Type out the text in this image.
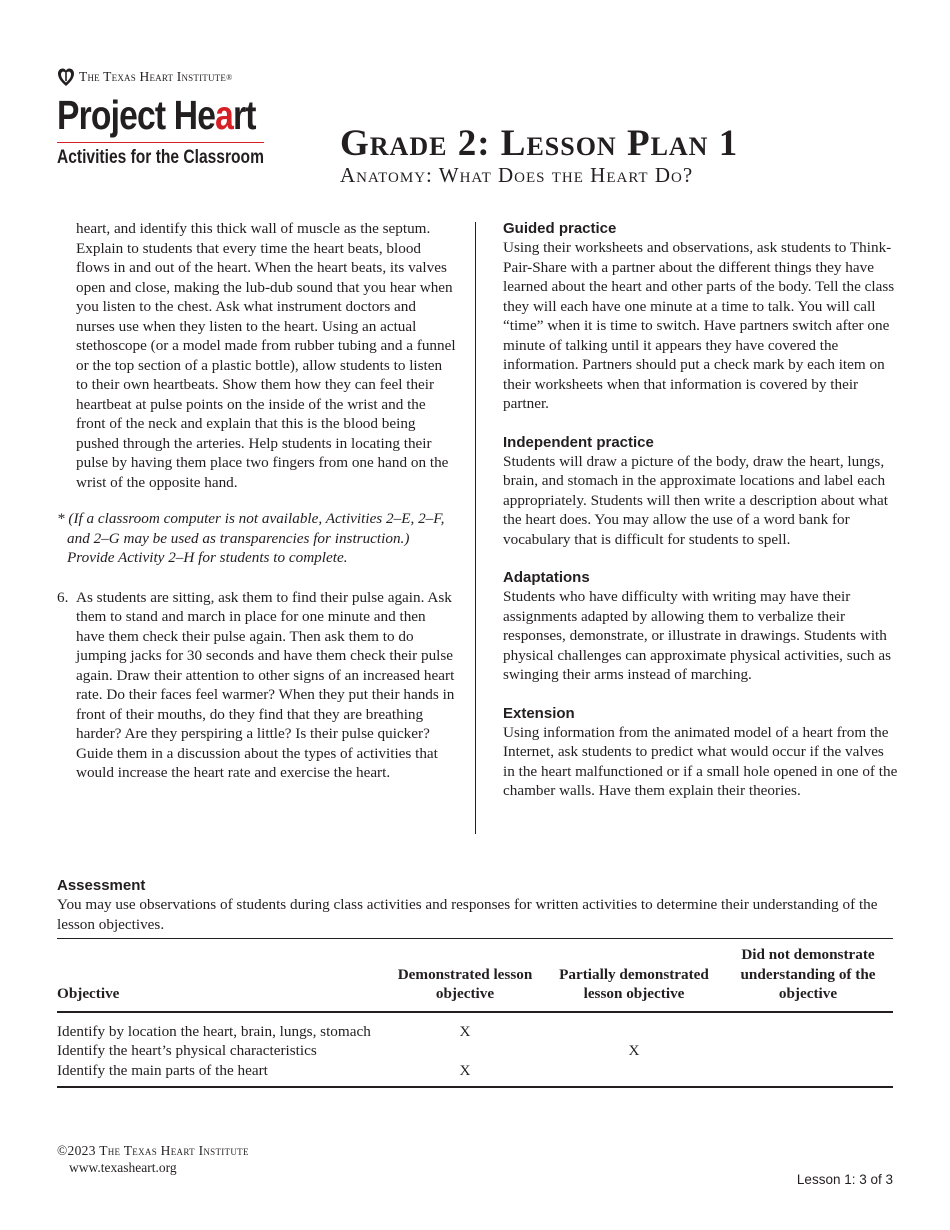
The Texas Heart Institute ®
Project Heart
Activities for the Classroom Grade 2: Lesson Plan 1
Anatomy: What Does the Heart Do?

heart, and identify this thick wall of muscle as the septum. Explain to students that every time the heart beats, blood flows in and out of the heart. When the heart beats, its valves open and close, making the lub-dub sound that you hear when you listen to the chest. Ask what instrument doctors and nurses use when they listen to the heart. Using an actual stethoscope (or a model made from rubber tubing and a funnel or the top section of a plastic bottle), allow students to listen to their own heartbeats. Show them how they can feel their heartbeat at pulse points on the inside of the wrist and the front of the neck and explain that this is the blood being pushed through the arteries. Help students in locating their pulse by having them place two fingers from one hand on the wrist of the opposite hand.

* (If a classroom computer is not available, Activities 2–E, 2–F, and 2–G may be used as transparencies for instruction.) Provide Activity 2–H for students to complete.

6. As students are sitting, ask them to find their pulse again. Ask them to stand and march in place for one minute and then have them check their pulse again. Then ask them to do jumping jacks for 30 seconds and have them check their pulse again. Draw their attention to other signs of an increased heart rate. Do their faces feel warmer? When they put their hands in front of their mouths, do they find that they are breathing harder? Are they perspiring a little? Is their pulse quicker? Guide them in a discussion about the types of activities that would increase the heart rate and exercise the heart.
Guided practice

Using their worksheets and observations, ask students to Think-Pair-Share with a partner about the different things they have learned about the heart and other parts of the body. Tell the class they will each have one minute at a time to talk. You will call “time” when it is time to switch. Have partners switch after one minute of talking until it appears they have covered the information. Partners should put a check mark by each item on their worksheets when that information is covered by their partner.

Independent practice

Students will draw a picture of the body, draw the heart, lungs, brain, and stomach in the approximate locations and label each appropriately. Students will then write a description about what the heart does. You may allow the use of a word bank for vocabulary that is difficult for students to spell.

Adaptations

Students who have difficulty with writing may have their assignments adapted by allowing them to verbalize their responses, demonstrate, or illustrate in drawings. Students with physical challenges can approximate physical activities, such as swinging their arms instead of marching.

Extension

Using information from the animated model of a heart from the Internet, ask students to predict what would occur if the valves in the heart malfunctioned or if a small hole opened in one of the chamber walls. Have them explain their theories.

Assessment

You may use observations of students during class activities and responses for written activities to determine their understanding of the lesson objectives.

Objective	Demonstrated lesson objective	Partially demonstrated lesson objective	Did not demonstrate understanding of the objective
Identify by location the heart, brain, lungs, stomach	X		
Identify the heart’s physical characteristics		X	
Identify the main parts of the heart	X		
©2023 The Texas Heart Institute
www.texasheart.org
Lesson 1: 3 of 3
